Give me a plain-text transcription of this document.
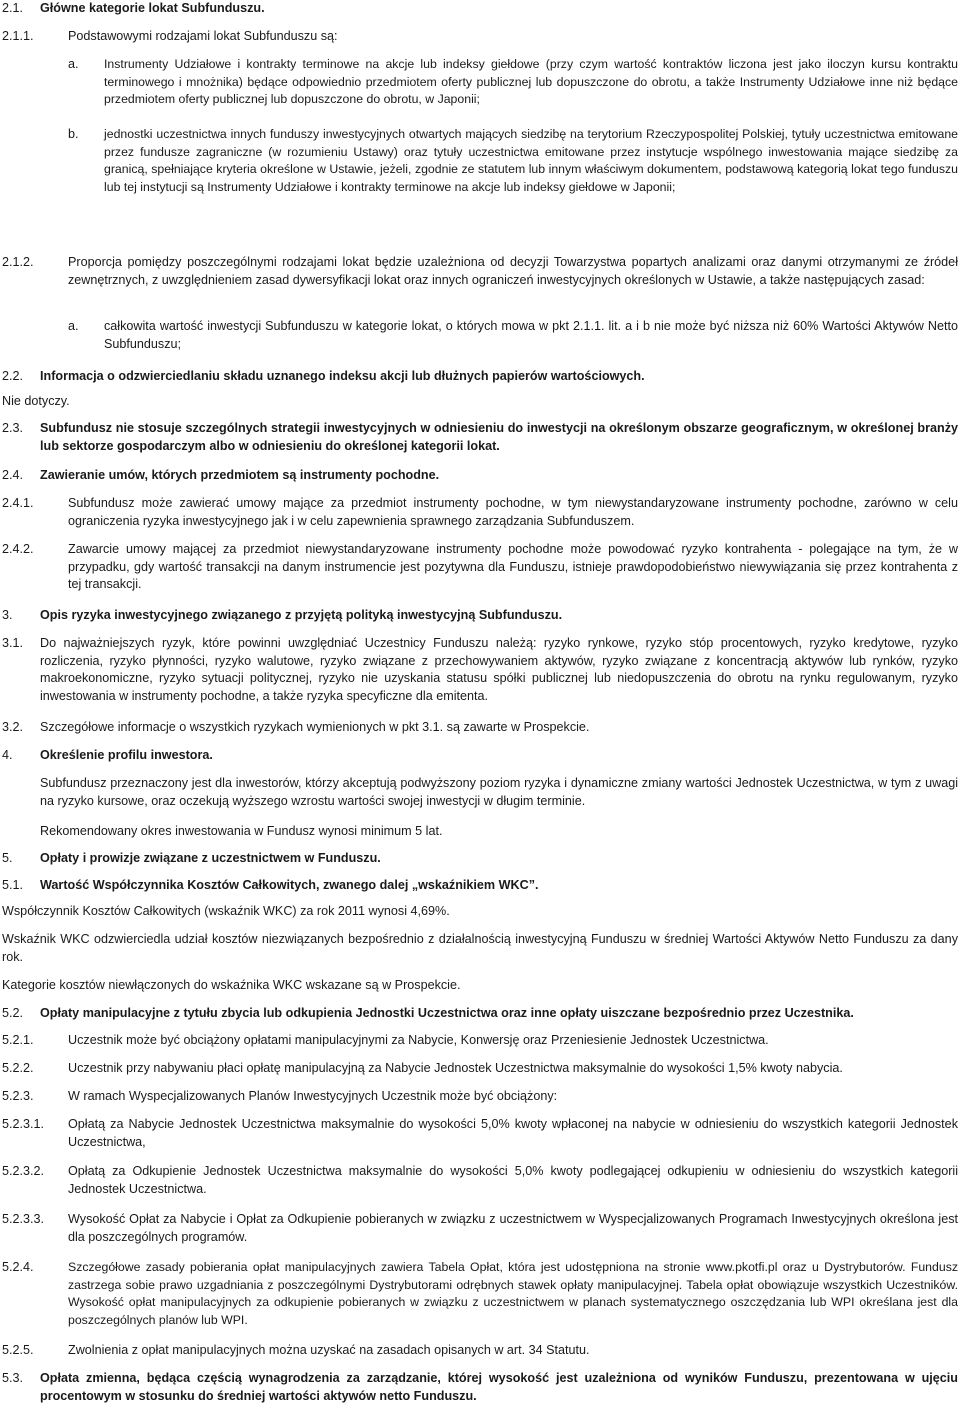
2.1. Główne kategorie lokat Subfunduszu.
2.1.1.	Podstawowymi rodzajami lokat Subfunduszu są:
a. Instrumenty Udziałowe i kontrakty terminowe na akcje lub indeksy giełdowe (przy czym wartość kontraktów liczona jest jako iloczyn kursu kontraktu terminowego i mnożnika) będące odpowiednio przedmiotem oferty publicznej lub dopuszczone do obrotu, a także Instrumenty Udziałowe inne niż będące przedmiotem oferty publicznej lub dopuszczone do obrotu, w Japonii;
b. jednostki uczestnictwa innych funduszy inwestycyjnych otwartych mających siedzibę na terytorium Rzeczypospolitej Polskiej, tytuły uczestnictwa emitowane przez fundusze zagraniczne (w rozumieniu Ustawy) oraz tytuły uczestnictwa emitowane przez instytucje wspólnego inwestowania mające siedzibę za granicą, spełniające kryteria określone w Ustawie, jeżeli, zgodnie ze statutem lub innym właściwym dokumentem, podstawową kategorią lokat tego funduszu lub tej instytucji są Instrumenty Udziałowe i kontrakty terminowe na akcje lub indeksy giełdowe w Japonii;
2.1.2.	Proporcja pomiędzy poszczególnymi rodzajami lokat będzie uzależniona od decyzji Towarzystwa popartych analizami oraz danymi otrzymanymi ze źródeł zewnętrznych, z uwzględnieniem zasad dywersyfikacji lokat oraz innych ograniczeń inwestycyjnych określonych w Ustawie, a także następujących zasad:
a. całkowita wartość inwestycji Subfunduszu w kategorie lokat, o których mowa w pkt 2.1.1. lit. a i b nie może być niższa niż 60% Wartości Aktywów Netto Subfunduszu;
2.2. Informacja o odzwierciedlaniu składu uznanego indeksu akcji lub dłużnych papierów wartościowych.
Nie dotyczy.
2.3. Subfundusz nie stosuje szczególnych strategii inwestycyjnych w odniesieniu do inwestycji na określonym obszarze geograficznym, w określonej branży lub sektorze gospodarczym albo w odniesieniu do określonej kategorii lokat.
2.4. Zawieranie umów, których przedmiotem są instrumenty pochodne.
2.4.1.	Subfundusz może zawierać umowy mające za przedmiot instrumenty pochodne, w tym niewystandaryzowane instrumenty pochodne, zarówno w celu ograniczenia ryzyka inwestycyjnego jak i w celu zapewnienia sprawnego zarządzania Subfunduszem.
2.4.2.	Zawarcie umowy mającej za przedmiot niewystandaryzowane instrumenty pochodne może powodować ryzyko kontrahenta - polegające na tym, że w przypadku, gdy wartość transakcji na danym instrumencie jest pozytywna dla Funduszu, istnieje prawdopodobieństwo niewywiązania się przez kontrahenta z tej transakcji.
3. Opis ryzyka inwestycyjnego związanego z przyjętą polityką inwestycyjną Subfunduszu.
3.1. Do najważniejszych ryzyk, które powinni uwzględniać Uczestnicy Funduszu należą: ryzyko rynkowe, ryzyko stóp procentowych, ryzyko kredytowe, ryzyko rozliczenia, ryzyko płynności, ryzyko walutowe, ryzyko związane z przechowywaniem aktywów, ryzyko związane z koncentracją aktywów lub rynków, ryzyko makroekonomiczne, ryzyko sytuacji politycznej, ryzyko nie uzyskania statusu spółki publicznej lub niedopuszczenia do obrotu na rynku regulowanym, ryzyko inwestowania w instrumenty pochodne, a także ryzyka specyficzne dla emitenta.
3.2. Szczegółowe informacje o wszystkich ryzykach wymienionych w pkt 3.1. są zawarte w Prospekcie.
4. Określenie profilu inwestora.
Subfundusz przeznaczony jest dla inwestorów, którzy akceptują podwyższony poziom ryzyka i dynamiczne zmiany wartości Jednostek Uczestnictwa, w tym z uwagi na ryzyko kursowe, oraz oczekują wyższego wzrostu wartości swojej inwestycji w długim terminie.
Rekomendowany okres inwestowania w Fundusz wynosi minimum 5 lat.
5. Opłaty i prowizje związane z uczestnictwem w Funduszu.
5.1. Wartość Współczynnika Kosztów Całkowitych, zwanego dalej „wskaźnikiem WKC”.
Współczynnik Kosztów Całkowitych (wskaźnik WKC) za rok 2011 wynosi 4,69%.
Wskaźnik WKC odzwierciedla udział kosztów niezwiązanych bezpośrednio z działalnością inwestycyjną Funduszu w średniej Wartości Aktywów Netto Funduszu za dany rok.
Kategorie kosztów niewłączonych do wskaźnika WKC wskazane są w Prospekcie.
5.2. Opłaty manipulacyjne z tytułu zbycia lub odkupienia Jednostki Uczestnictwa oraz inne opłaty uiszczane bezpośrednio przez Uczestnika.
5.2.1.	Uczestnik może być obciążony opłatami manipulacyjnymi za Nabycie, Konwersję oraz Przeniesienie Jednostek Uczestnictwa.
5.2.2.	Uczestnik przy nabywaniu płaci opłatę manipulacyjną za Nabycie Jednostek Uczestnictwa maksymalnie do wysokości 1,5% kwoty nabycia.
5.2.3.	W ramach Wyspecjalizowanych Planów Inwestycyjnych Uczestnik może być obciążony:
5.2.3.1. Opłatą za Nabycie Jednostek Uczestnictwa maksymalnie do wysokości 5,0% kwoty wpłaconej na nabycie w odniesieniu do wszystkich kategorii Jednostek Uczestnictwa,
5.2.3.2. Opłatą za Odkupienie Jednostek Uczestnictwa maksymalnie do wysokości 5,0% kwoty podlegającej odkupieniu w odniesieniu do wszystkich kategorii Jednostek Uczestnictwa.
5.2.3.3. Wysokość Opłat za Nabycie i Opłat za Odkupienie pobieranych w związku z uczestnictwem w Wyspecjalizowanych Programach Inwestycyjnych określona jest dla poszczególnych programów.
5.2.4.	Szczegółowe zasady pobierania opłat manipulacyjnych zawiera Tabela Opłat, która jest udostępniona na stronie www.pkotfi.pl oraz u Dystrybutorów. Fundusz zastrzega sobie prawo uzgadniania z poszczególnymi Dystrybutorami odrębnych stawek opłaty manipulacyjnej. Tabela opłat obowiązuje wszystkich Uczestników. Wysokość opłat manipulacyjnych za odkupienie pobieranych w związku z uczestnictwem w planach systematycznego oszczędzania lub WPI określana jest dla poszczególnych planów lub WPI.
5.2.5.	Zwolnienia z opłat manipulacyjnych można uzyskać na zasadach opisanych w art. 34 Statutu.
5.3. Opłata zmienna, będąca częścią wynagrodzenia za zarządzanie, której wysokość jest uzależniona od wyników Funduszu, prezentowana w ujęciu procentowym w stosunku do średniej wartości aktywów netto Funduszu.
